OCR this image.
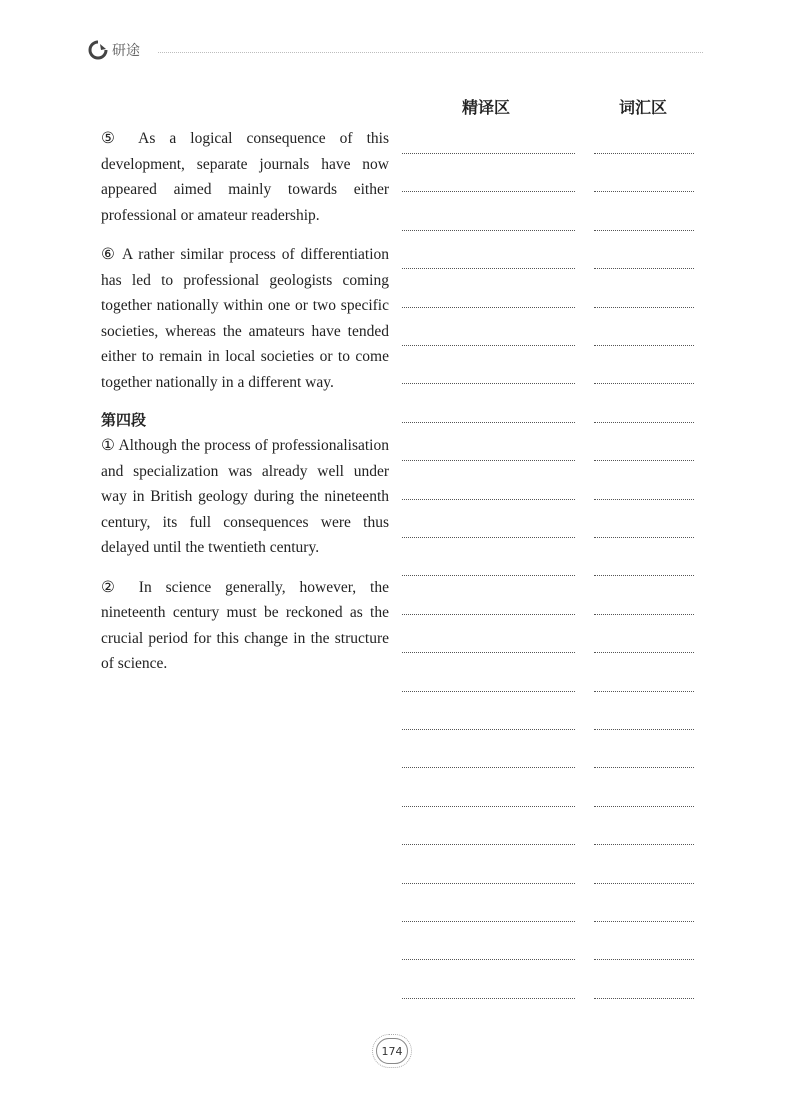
研途
精译区	词汇区

⑤ As a logical consequence of this development, separate journals have now appeared aimed mainly towards either professional or amateur readership.

⑥ A rather similar process of differentiation has led to professional geologists coming together nationally within one or two specific societies, whereas the amateurs have tended either to remain in local societies or to come together nationally in a different way.

第四段

① Although the process of professionalisation and specialization was already well under way in British geology during the nineteenth century, its full consequences were thus delayed until the twentieth century.

② In science generally, however, the nineteenth century must be reckoned as the crucial period for this change in the structure of science.

174
